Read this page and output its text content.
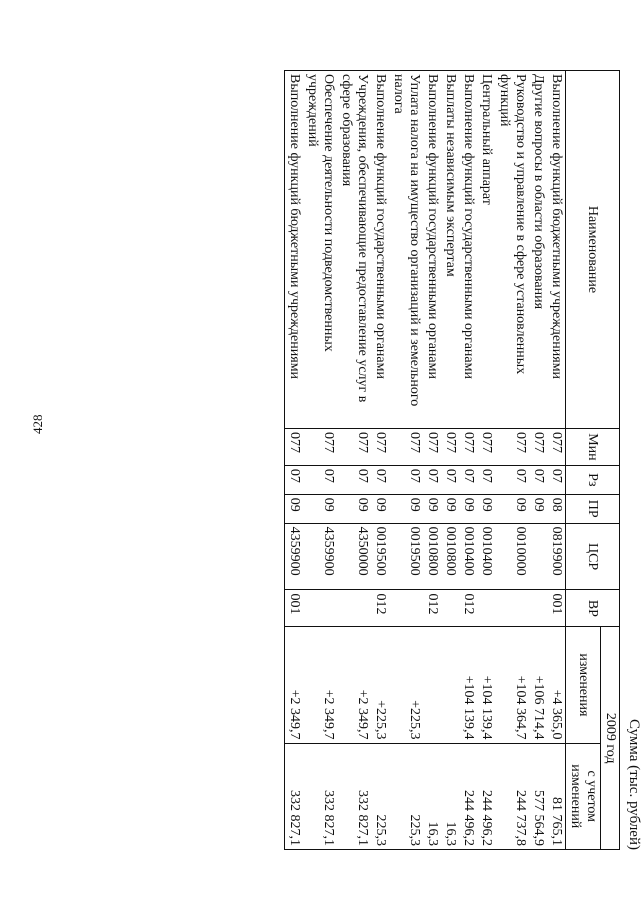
428
Сумма (тыс. рублей)
Наименование	Мин	Рз	ПР	ЦСР	ВР	2009 год	
						изменения	с учетом изменений

Выполнение функций бюджетными учреждениями	077	07	08	0819900	001	+4 365,0	81 765,1
Другие вопросы в области образования	077	07	09			+106 714,4	577 564,9
Руководство и управление в сфере установленных функций	077	07	09	0010000		+104 364,7	244 737,8
Центральный аппарат	077	07	09	0010400		+104 139,4	244 496,2
Выполнение функций государственными органами	077	07	09	0010400	012	+104 139,4	244 496,2
Выплаты независимым экспертам	077	07	09	0010800			16,3
Выполнение функций государственными органами	077	07	09	0010800	012		16,3
Уплата налога на имущество организаций и земельного налога	077	07	09	0019500		+225,3	225,3
Выполнение функций государственными органами	077	07	09	0019500	012	+225,3	225,3
Учреждения, обеспечивающие предоставление услуг в сфере образования	077	07	09	4350000		+2 349,7	332 827,1
Обеспечение деятельности подведомственных учреждений	077	07	09	4359900		+2 349,7	332 827,1
Выполнение функций бюджетными учреждениями	077	07	09	4359900	001	+2 349,7	332 827,1
